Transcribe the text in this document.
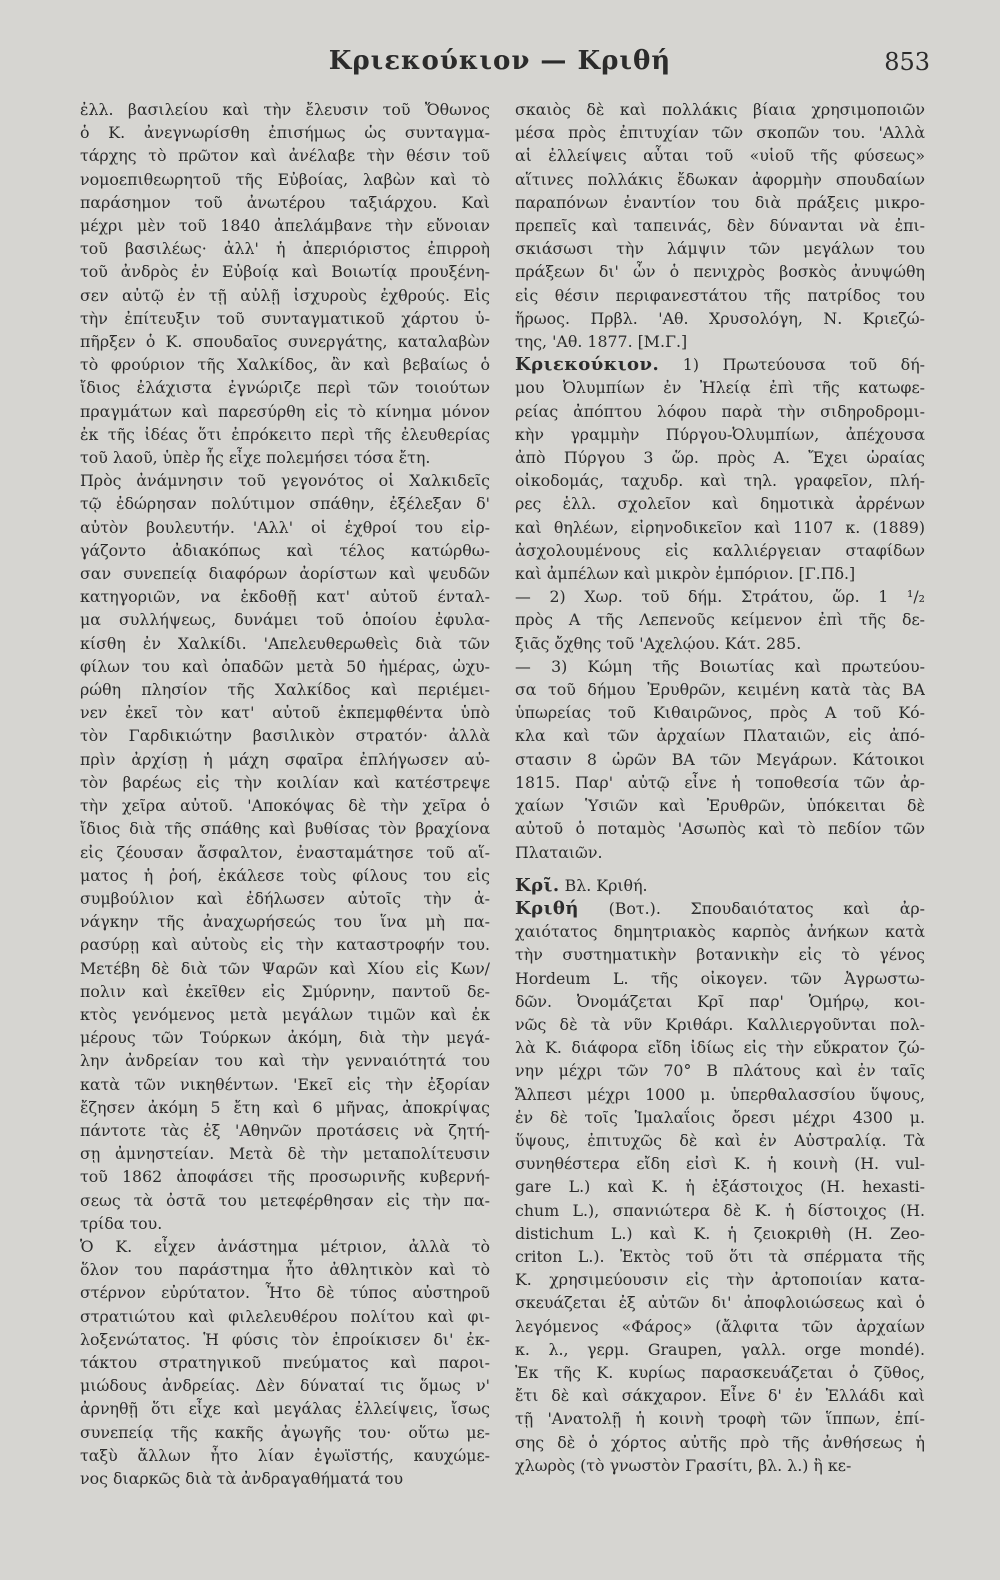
Κριεκούκιον — Κριθή	853
ἐλλ. βασιλείου καὶ τὴν ἔλευσιν τοῦ Ὄθωνος
ὁ Κ. ἀνεγνωρίσθη ἐπισήμως ὡς συνταγμα-
τάρχης τὸ πρῶτον καὶ ἀνέλαβε τὴν θέσιν τοῦ
νομοεπιθεωρητοῦ τῆς Εὐβοίας, λαβὼν καὶ τὸ
παράσημον τοῦ ἀνωτέρου ταξιάρχου. Καὶ
μέχρι μὲν τοῦ 1840 ἀπελάμβανε τὴν εὔνοιαν
τοῦ βασιλέως· ἀλλ' ἡ ἀπεριόριστος ἐπιρροὴ
τοῦ ἀνδρὸς ἐν Εὐβοίᾳ καὶ Βοιωτίᾳ προυξένη-
σεν αὐτῷ ἐν τῇ αὐλῇ ἰσχυροὺς ἐχθρούς. Εἰς
τὴν ἐπίτευξιν τοῦ συνταγματικοῦ χάρτου ὑ-
πῆρξεν ὁ Κ. σπουδαῖος συνεργάτης, καταλαβὼν
τὸ φρούριον τῆς Χαλκίδος, ἂν καὶ βεβαίως ὁ
ἴδιος ἐλάχιστα ἐγνώριζε περὶ τῶν τοιούτων
πραγμάτων καὶ παρεσύρθη εἰς τὸ κίνημα μόνον
ἐκ τῆς ἰδέας ὅτι ἐπρόκειτο περὶ τῆς ἐλευθερίας
τοῦ λαοῦ, ὑπὲρ ἧς εἶχε πολεμήσει τόσα ἔτη.
Πρὸς ἀνάμνησιν τοῦ γεγονότος οἱ Χαλκιδεῖς
τῷ ἐδώρησαν πολύτιμον σπάθην, ἐξέλεξαν δ'
αὐτὸν βουλευτήν. 'Αλλ' οἱ ἐχθροί του εἰρ-
γάζοντο ἀδιακόπως καὶ τέλος κατώρθω-
σαν συνεπείᾳ διαφόρων ἀορίστων καὶ ψευδῶν
κατηγοριῶν, να ἐκδοθῇ κατ' αὐτοῦ ένταλ-
μα συλλήψεως, δυνάμει τοῦ ὁποίου ἐφυλα-
κίσθη ἐν Χαλκίδι. 'Απελευθερωθεὶς διὰ τῶν
φίλων του καὶ ὀπαδῶν μετὰ 50 ἡμέρας, ὠχυ-
ρώθη πλησίον τῆς Χαλκίδος καὶ περιέμει-
νεν ἐκεῖ τὸν κατ' αὐτοῦ ἐκπεμφθέντα ὑπὸ
τὸν Γαρδικιώτην βασιλικὸν στρατόν· ἀλλὰ
πρὶν ἀρχίσῃ ἡ μάχη σφαῖρα ἐπλήγωσεν αὐ-
τὸν βαρέως εἰς τὴν κοιλίαν καὶ κατέστρεψε
τὴν χεῖρα αὐτοῦ. 'Αποκόψας δὲ τὴν χεῖρα ὁ
ἴδιος διὰ τῆς σπάθης καὶ βυθίσας τὸν βραχίονα
εἰς ζέουσαν ἄσφαλτον, ἐνασταμάτησε τοῦ αἵ-
ματος ἡ ῥοή, ἐκάλεσε τοὺς φίλους του εἰς
συμβούλιον καὶ ἐδήλωσεν αὐτοῖς τὴν ἀ-
νάγκην τῆς ἀναχωρήσεώς του ἵνα μὴ πα-
ρασύρῃ καὶ αὐτοὺς εἰς τὴν καταστροφήν του.
Μετέβη δὲ διὰ τῶν Ψαρῶν καὶ Χίου εἰς Κων/
πολιν καὶ ἐκεῖθεν εἰς Σμύρνην, παντοῦ δε-
κτὸς γενόμενος μετὰ μεγάλων τιμῶν καὶ ἐκ
μέρους τῶν Τούρκων ἀκόμη, διὰ τὴν μεγά-
λην ἀνδρείαν του καὶ τὴν γενναιότητά του
κατὰ τῶν νικηθέντων. 'Εκεῖ εἰς τὴν ἐξορίαν
ἔζησεν ἀκόμη 5 ἔτη καὶ 6 μῆνας, ἀποκρίψας
πάντοτε τὰς ἐξ 'Αθηνῶν προτάσεις νὰ ζητή-
σῃ ἀμνηστείαν. Μετὰ δὲ τὴν μεταπολίτευσιν
τοῦ 1862 ἀποφάσει τῆς προσωρινῆς κυβερνή-
σεως τὰ ὀστᾶ του μετεφέρθησαν εἰς τὴν πα-
τρίδα του.
Ὁ Κ. εἶχεν ἀνάστημα μέτριον, ἀλλὰ τὸ
ὅλον του παράστημα ἦτο ἀθλητικὸν καὶ τὸ
στέρνον εὐρύτατον. Ἦτο δὲ τύπος αὐστηροῦ
στρατιώτου καὶ φιλελευθέρου πολίτου καὶ φι-
λοξενώτατος. Ἡ φύσις τὸν ἐπροίκισεν δι' ἐκ-
τάκτου στρατηγικοῦ πνεύματος καὶ παροι-
μιώδους ἀνδρείας. Δὲν δύναταί τις ὅμως ν'
ἀρνηθῇ ὅτι εἶχε καὶ μεγάλας ἐλλείψεις, ἴσως
συνεπείᾳ τῆς κακῆς ἀγωγῆς του· οὕτω με-
ταξὺ ἄλλων ἦτο λίαν ἐγωϊστής, καυχώμε-
νος διαρκῶς διὰ τὰ ἀνδραγαθήματά του
σκαιὸς δὲ καὶ πολλάκις βίαια χρησιμοποιῶν
μέσα πρὸς ἐπιτυχίαν τῶν σκοπῶν του. 'Αλλὰ
αἱ ἐλλείψεις αὗται τοῦ «υἱοῦ τῆς φύσεως»
αἵτινες πολλάκις ἔδωκαν ἀφορμὴν σπουδαίων
παραπόνων ἐναντίον του διὰ πράξεις μικρο-
πρεπεῖς καὶ ταπεινάς, δὲν δύνανται νὰ ἐπι-
σκιάσωσι τὴν λάμψιν τῶν μεγάλων του
πράξεων δι' ὧν ὁ πενιχρὸς βοσκὸς ἀνυψώθη
εἰς θέσιν περιφανεστάτου τῆς πατρίδος του
ἥρωος. Πρβλ. 'Αθ. Χρυσολόγη, Ν. Κριεζώ-
της, 'Αθ. 1877. [Μ.Γ.]
Κριεκούκιον. 1) Πρωτεύουσα τοῦ δή-
μου Ὀλυμπίων ἐν Ἠλείᾳ ἐπὶ τῆς κατωφε-
ρείας ἀπόπτου λόφου παρὰ τὴν σιδηροδρομι-
κὴν γραμμὴν Πύργου-Ὀλυμπίων, ἀπέχουσα
ἀπὸ Πύργου 3 ὥρ. πρὸς Α. Ἔχει ὡραίας
οἰκοδομάς, ταχυδρ. καὶ τηλ. γραφεῖον, πλή-
ρες ἑλλ. σχολεῖον καὶ δημοτικὰ ἀρρένων
καὶ θηλέων, εἰρηνοδικεῖον καὶ 1107 κ. (1889)
ἀσχολουμένους εἰς καλλιέργειαν σταφίδων
καὶ ἀμπέλων καὶ μικρὸν ἐμπόριον. [Γ.Πδ.]
— 2) Χωρ. τοῦ δήμ. Στράτου, ὥρ. 1 ¹/₂
πρὸς Α τῆς Λεπενοῦς κείμενον ἐπὶ τῆς δε-
ξιᾶς ὄχθης τοῦ 'Αχελῴου. Κάτ. 285.
— 3) Κώμη τῆς Βοιωτίας καὶ πρωτεύου-
σα τοῦ δήμου Ἐρυθρῶν, κειμένη κατὰ τὰς ΒΑ
ὑπωρείας τοῦ Κιθαιρῶνος, πρὸς Α τοῦ Κό-
κλα καὶ τῶν ἀρχαίων Πλαταιῶν, εἰς ἀπό-
στασιν 8 ὡρῶν ΒΑ τῶν Μεγάρων. Κάτοικοι
1815. Παρ' αὐτῷ εἶνε ἡ τοποθεσία τῶν ἀρ-
χαίων Ὑσιῶν καὶ Ἐρυθρῶν, ὑπόκειται δὲ
αὐτοῦ ὁ ποταμὸς 'Ασωπὸς καὶ τὸ πεδίον τῶν
Πλαταιῶν.
Κρῖ. Βλ. Κριθή.
Κριθή (Βοτ.). Σπουδαιότατος καὶ ἀρ-
χαιότατος δημητριακὸς καρπὸς ἀνήκων κατὰ
τὴν συστηματικὴν βοτανικὴν εἰς τὸ γένος
Hordeum L. τῆς οἰκογεν. τῶν Ἀγρωστω-
δῶν. Ὀνομάζεται Κρῖ παρ' Ὁμήρῳ, κοι-
νῶς δὲ τὰ νῦν Κριθάρι. Καλλιεργοῦνται πολ-
λὰ Κ. διάφορα εἴδη ἰδίως εἰς τὴν εὔκρατον ζώ-
νην μέχρι τῶν 70° Β πλάτους καὶ ἐν ταῖς
Ἄλπεσι μέχρι 1000 μ. ὑπερθαλασσίου ὕψους,
ἐν δὲ τοῖς Ἱμαλαΐοις ὄρεσι μέχρι 4300 μ.
ὕψους, ἐπιτυχῶς δὲ καὶ ἐν Αὐστραλίᾳ. Τὰ
συνηθέστερα εἴδη εἰσὶ Κ. ἡ κοινὴ (Η. vul-
gare L.) καὶ Κ. ἡ ἑξάστοιχος (Η. hexasti-
chum L.), σπανιώτερα δὲ Κ. ἡ δίστοιχος (Η.
distichum L.) καὶ Κ. ἡ ζειοκριθὴ (Η. Zeo-
criton L.). Ἐκτὸς τοῦ ὅτι τὰ σπέρματα τῆς
Κ. χρησιμεύουσιν εἰς τὴν ἀρτοποιίαν κατα-
σκευάζεται ἐξ αὐτῶν δι' ἀποφλοιώσεως καὶ ὁ
λεγόμενος «Φάρος» (ἄλφιτα τῶν ἀρχαίων
κ. λ., γερμ. Graupen, γαλλ. orge mondé).
Ἐκ τῆς Κ. κυρίως παρασκευάζεται ὁ ζῦθος,
ἔτι δὲ καὶ σάκχαρον. Εἶνε δ' ἐν Ἑλλάδι καὶ
τῇ 'Ανατολῇ ἡ κοινὴ τροφὴ τῶν ἵππων, ἐπί-
σης δὲ ὁ χόρτος αὐτῆς πρὸ τῆς ἀνθήσεως ἡ
χλωρὸς (τὸ γνωστὸν Γρασίτι, βλ. λ.) ἢ κε-
